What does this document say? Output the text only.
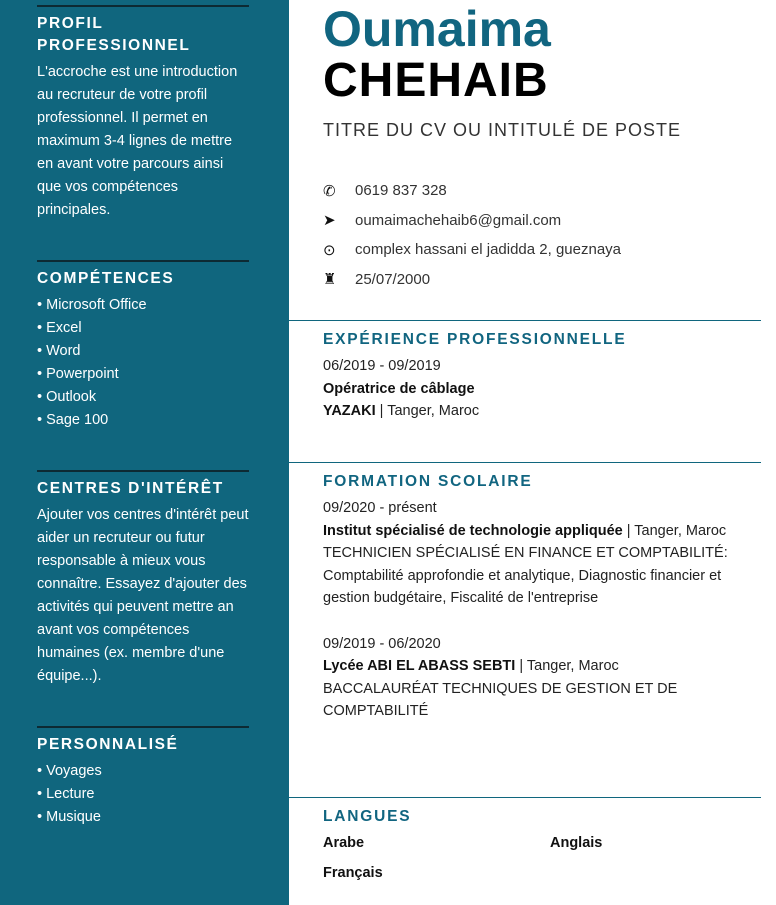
PROFIL PROFESSIONNEL

L'accroche est une introduction au recruteur de votre profil professionnel. Il permet en maximum 3-4 lignes de mettre en avant votre parcours ainsi que vos compétences principales.

COMPÉTENCES
• Microsoft Office
• Excel
• Word
• Powerpoint
• Outlook
• Sage 100
CENTRES D'INTÉRÊT

Ajouter vos centres d'intérêt peut aider un recruteur ou futur responsable à mieux vous connaître. Essayez d'ajouter des activités qui peuvent mettre an avant vos compétences humaines (ex. membre d'une équipe...).

PERSONNALISÉ
• Voyages
• Lecture
• Musique
Oumaima
CHEHAIB
TITRE DU CV OU INTITULÉ DE POSTE
✆	0619 837 328
➤	oumaimachehaib6@gmail.com
⊙	complex hassani el jadidda 2, gueznaya
♜	25/07/2000
EXPÉRIENCE PROFESSIONNELLE
06/2019 - 09/2019
Opératrice de câblage
YAZAKI | Tanger, Maroc
FORMATION SCOLAIRE
09/2020 - présent
Institut spécialisé de technologie appliquée | Tanger, Maroc
TECHNICIEN SPÉCIALISÉ EN FINANCE ET COMPTABILITÉ: Comptabilité approfondie et analytique, Diagnostic financier et gestion budgétaire, Fiscalité de l'entreprise
09/2019 - 06/2020
Lycée ABI EL ABASS SEBTI | Tanger, Maroc
BACCALAURÉAT TECHNIQUES DE GESTION ET DE COMPTABILITÉ
LANGUES
Arabe	Anglais
Français
